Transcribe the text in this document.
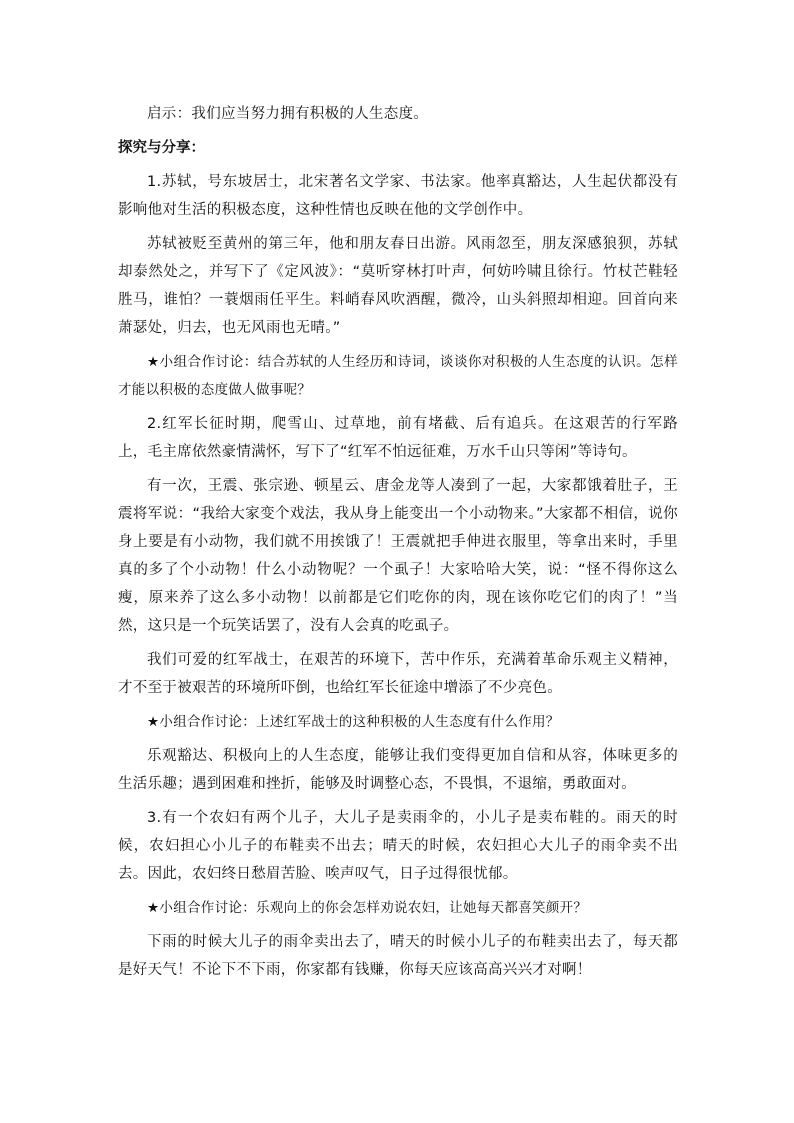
启示：我们应当努力拥有积极的人生态度。

探究与分享：

1.苏轼，号东坡居士，北宋著名文学家、书法家。他率真豁达，人生起伏都没有影响他对生活的积极态度，这种性情也反映在他的文学创作中。

苏轼被贬至黄州的第三年，他和朋友春日出游。风雨忽至，朋友深感狼狈，苏轼却泰然处之，并写下了《定风波》：“莫听穿林打叶声，何妨吟啸且徐行。竹杖芒鞋轻胜马，谁怕？一蓑烟雨任平生。料峭春风吹酒醒，微冷，山头斜照却相迎。回首向来萧瑟处，归去，也无风雨也无晴。”

★小组合作讨论：结合苏轼的人生经历和诗词，谈谈你对积极的人生态度的认识。怎样才能以积极的态度做人做事呢？

2.红军长征时期，爬雪山、过草地，前有堵截、后有追兵。在这艰苦的行军路上，毛主席依然豪情满怀，写下了“红军不怕远征难，万水千山只等闲”等诗句。

有一次，王震、张宗逊、顿星云、唐金龙等人凑到了一起，大家都饿着肚子，王震将军说：“我给大家变个戏法，我从身上能变出一个小动物来。”大家都不相信，说你身上要是有小动物，我们就不用挨饿了！王震就把手伸进衣服里，等拿出来时，手里真的多了个小动物！什么小动物呢？一个虱子！大家哈哈大笑，说：“怪不得你这么瘦，原来养了这么多小动物！以前都是它们吃你的肉，现在该你吃它们的肉了！”当然，这只是一个玩笑话罢了，没有人会真的吃虱子。

我们可爱的红军战士，在艰苦的环境下，苦中作乐，充满着革命乐观主义精神，才不至于被艰苦的环境所吓倒，也给红军长征途中增添了不少亮色。

★小组合作讨论：上述红军战士的这种积极的人生态度有什么作用？

乐观豁达、积极向上的人生态度，能够让我们变得更加自信和从容，体味更多的生活乐趣；遇到困难和挫折，能够及时调整心态，不畏惧，不退缩，勇敢面对。

3.有一个农妇有两个儿子，大儿子是卖雨伞的，小儿子是卖布鞋的。雨天的时候，农妇担心小儿子的布鞋卖不出去；晴天的时候，农妇担心大儿子的雨伞卖不出去。因此，农妇终日愁眉苦脸、唉声叹气，日子过得很忧郁。

★小组合作讨论：乐观向上的你会怎样劝说农妇，让她每天都喜笑颜开？

下雨的时候大儿子的雨伞卖出去了，晴天的时候小儿子的布鞋卖出去了，每天都是好天气！不论下不下雨，你家都有钱赚，你每天应该高高兴兴才对啊！
